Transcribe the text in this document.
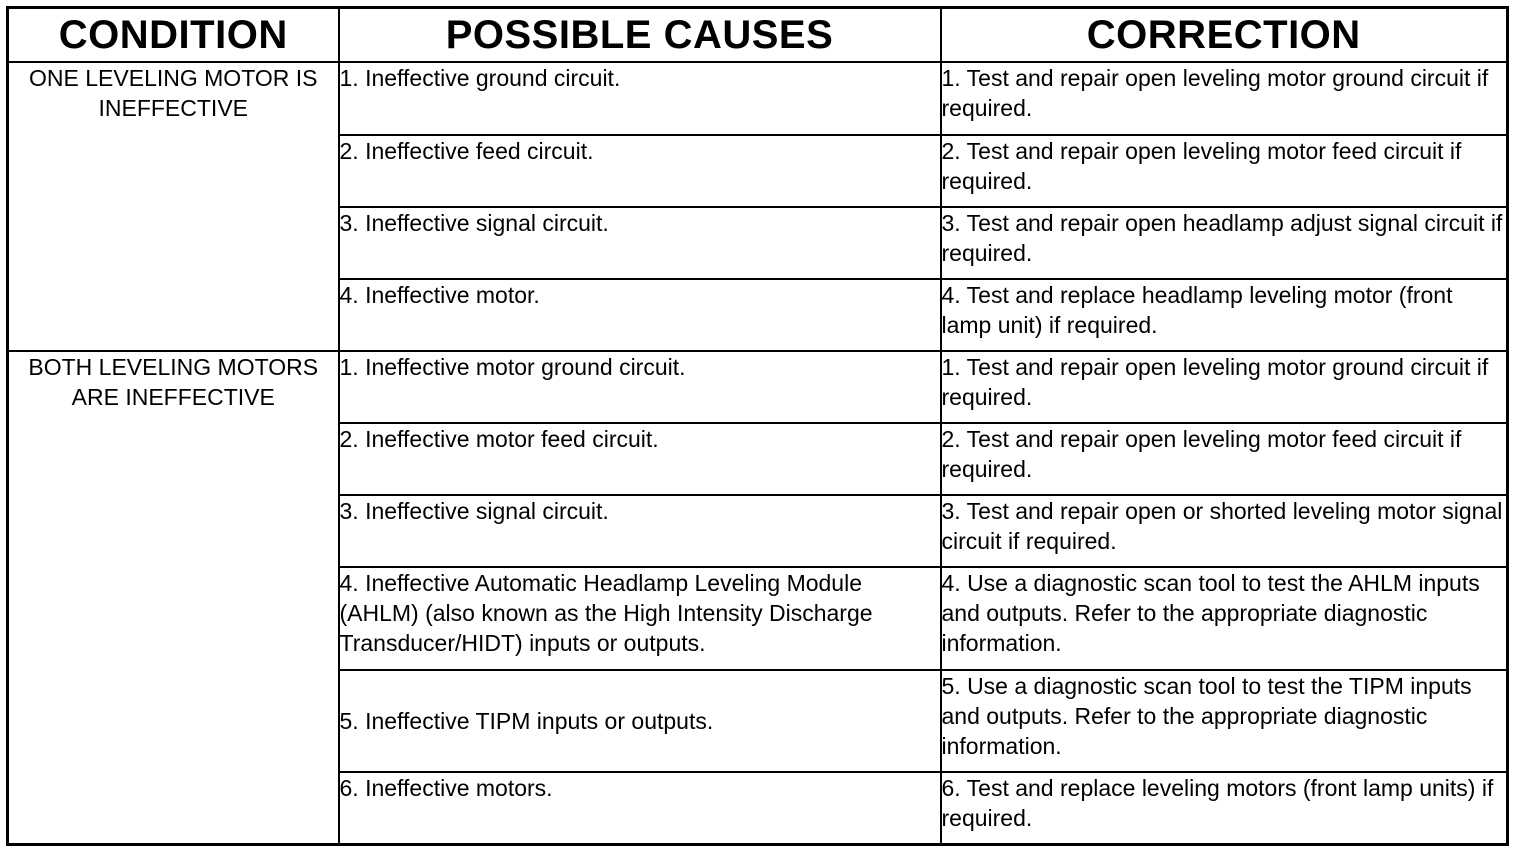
CONDITION	POSSIBLE CAUSES	CORRECTION

ONE LEVELING MOTOR IS INEFFECTIVE	1. Ineffective ground circuit.	1. Test and repair open leveling motor ground circuit if required.

	2. Ineffective feed circuit.	2. Test and repair open leveling motor feed circuit if required.

	3. Ineffective signal circuit.	3. Test and repair open headlamp adjust signal circuit if required.

	4. Ineffective motor.	4. Test and replace headlamp leveling motor (front lamp unit) if required.

BOTH LEVELING MOTORS ARE INEFFECTIVE	1. Ineffective motor ground circuit.	1. Test and repair open leveling motor ground circuit if required.

	2. Ineffective motor feed circuit.	2. Test and repair open leveling motor feed circuit if required.

	3. Ineffective signal circuit.	3. Test and repair open or shorted leveling motor signal circuit if required.

	4. Ineffective Automatic Headlamp Leveling Module (AHLM) (also known as the High Intensity Discharge Transducer/HIDT) inputs or outputs.	4. Use a diagnostic scan tool to test the AHLM inputs and outputs. Refer to the appropriate diagnostic information.

	5. Ineffective TIPM inputs or outputs.	5. Use a diagnostic scan tool to test the TIPM inputs and outputs. Refer to the appropriate diagnostic information.

	6. Ineffective motors.	6. Test and replace leveling motors (front lamp units) if required.
